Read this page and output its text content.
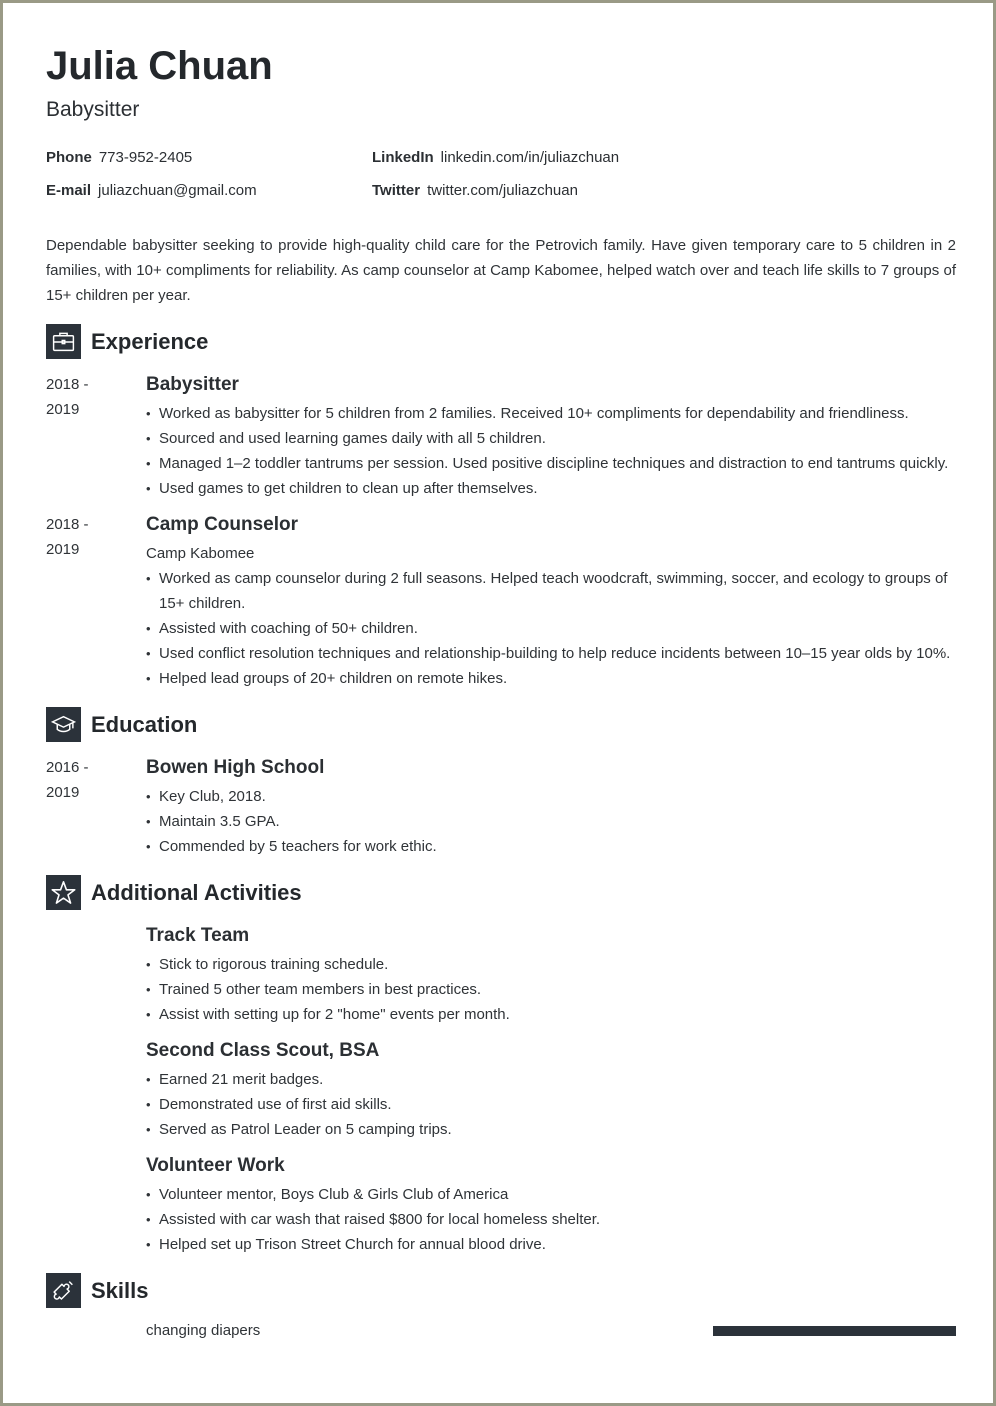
Julia Chuan
Babysitter
Phone 773-952-2405	LinkedIn linkedin.com/in/juliazchuan
E-mail juliazchuan@gmail.com	Twitter twitter.com/juliazchuan
Dependable babysitter seeking to provide high-quality child care for the Petrovich family. Have given temporary care to 5 children in 2 families, with 10+ compliments for reliability. As camp counselor at Camp Kabomee, helped watch over and teach life skills to 7 groups of 15+ children per year.
Experience
2018 -
2019
Babysitter
• Worked as babysitter for 5 children from 2 families. Received 10+ compliments for dependability and friendliness.
• Sourced and used learning games daily with all 5 children.
• Managed 1–2 toddler tantrums per session. Used positive discipline techniques and distraction to end tantrums quickly.
• Used games to get children to clean up after themselves.
2018 -
2019
Camp Counselor
Camp Kabomee
• Worked as camp counselor during 2 full seasons. Helped teach woodcraft, swimming, soccer, and ecology to groups of 15+ children.
• Assisted with coaching of 50+ children.
• Used conflict resolution techniques and relationship-building to help reduce incidents between 10–15 year olds by 10%.
• Helped lead groups of 20+ children on remote hikes.
Education
2016 -
2019
Bowen High School
• Key Club, 2018.
• Maintain 3.5 GPA.
• Commended by 5 teachers for work ethic.
Additional Activities
Track Team
• Stick to rigorous training schedule.
• Trained 5 other team members in best practices.
• Assist with setting up for 2 "home" events per month.
Second Class Scout, BSA
• Earned 21 merit badges.
• Demonstrated use of first aid skills.
• Served as Patrol Leader on 5 camping trips.
Volunteer Work
• Volunteer mentor, Boys Club & Girls Club of America
• Assisted with car wash that raised $800 for local homeless shelter.
• Helped set up Trison Street Church for annual blood drive.
Skills
changing diapers
